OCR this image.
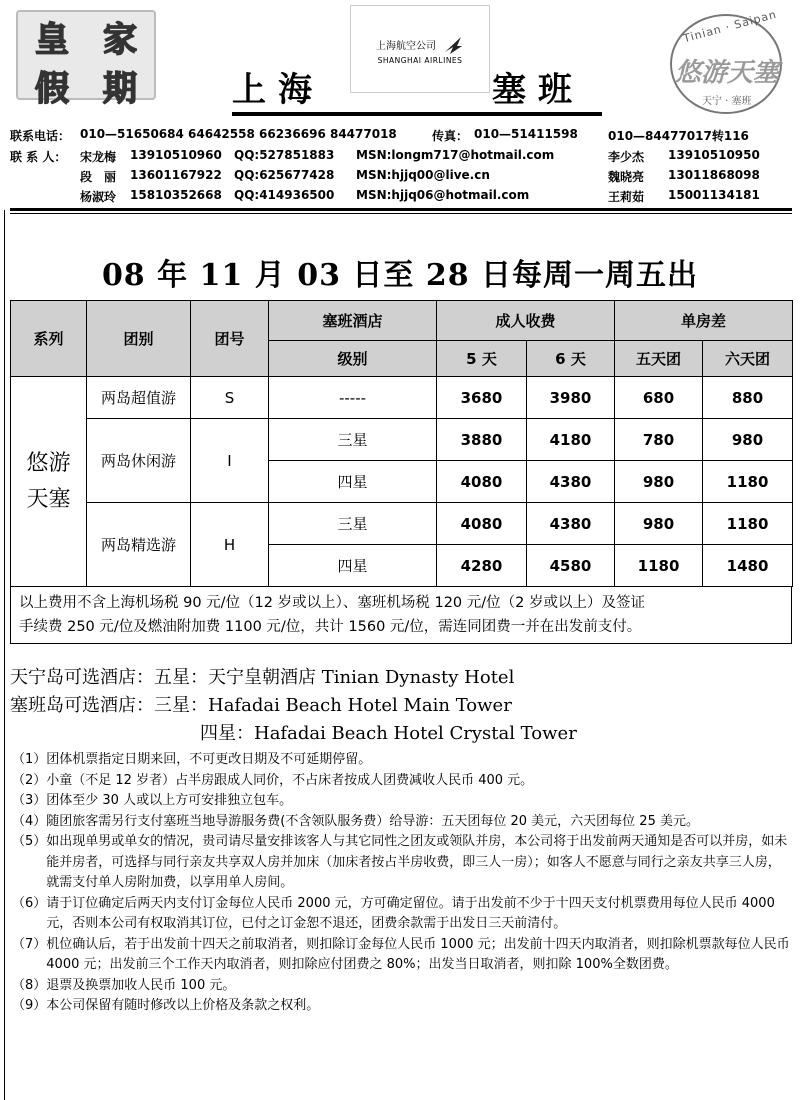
皇 家
假 期	上海
上海航空公司
SHANGHAI AIRLINES
塞班
Tinian · Saipan
悠游天塞
天宁 · 塞班
联系电话： 010—51650684 64642558 66236696 84477018	传真： 010—51411598	010—84477017转116
联 系 人： 宋龙梅 13910510960 QQ:527851883 MSN:longm717@hotmail.com	李少杰 13910510950
段　丽 13601167922 QQ:625677428 MSN:hjjq00@live.cn	魏晓亮 13011868098
杨淑玲 15810352668 QQ:414936500 MSN:hjjq06@hotmail.com	王莉茹 15001134181
08 年 11 月 03 日至 28 日每周一周五出
系列	团别	团号	塞班酒店	成人收费		单房差	
			级别	5 天	6 天	五天团	六天团

悠游
天塞	两岛超值游	S	-----	3680	3980	680	880
	两岛休闲游	I	三星	3880	4180	780	980
			四星	4080	4380	980	1180
	两岛精选游	H	三星	4080	4380	980	1180
			四星	4280	4580	1180	1480
以上费用不含上海机场税 90 元/位（12 岁或以上）、塞班机场税 120 元/位（2 岁或以上）及签证
手续费 250 元/位及燃油附加费 1100 元/位，共计 1560 元/位，需连同团费一并在出发前支付。
天宁岛可选酒店：五星：天宁皇朝酒店 Tinian Dynasty Hotel
塞班岛可选酒店：三星：Hafadai Beach Hotel Main Tower
四星：Hafadai Beach Hotel Crystal Tower
（1） 团体机票指定日期来回，不可更改日期及不可延期停留。
（2） 小童（不足 12 岁者）占半房跟成人同价，不占床者按成人团费减收人民币 400 元。
（3） 团体至少 30 人或以上方可安排独立包车。
（4） 随团旅客需另行支付塞班当地导游服务费(不含领队服务费）给导游：五天团每位 20 美元，六天团每位 25 美元。
（5） 如出现单男或单女的情况，贵司请尽量安排该客人与其它同性之团友或领队并房，本公司将于出发前两天通知是否可以并房，如未能并房者，可选择与同行亲友共享双人房并加床（加床者按占半房收费，即三人一房）；如客人不愿意与同行之亲友共享三人房，就需支付单人房附加费，以享用单人房间。
（6） 请于订位确定后两天内支付订金每位人民币 2000 元，方可确定留位。请于出发前不少于十四天支付机票费用每位人民币 4000 元，否则本公司有权取消其订位，已付之订金恕不退还，团费余款需于出发日三天前清付。
（7） 机位确认后，若于出发前十四天之前取消者，则扣除订金每位人民币 1000 元；出发前十四天内取消者，则扣除机票款每位人民币 4000 元；出发前三个工作天内取消者，则扣除应付团费之 80%；出发当日取消者，则扣除 100%全数团费。
（8） 退票及换票加收人民币 100 元。
（9） 本公司保留有随时修改以上价格及条款之权利。
